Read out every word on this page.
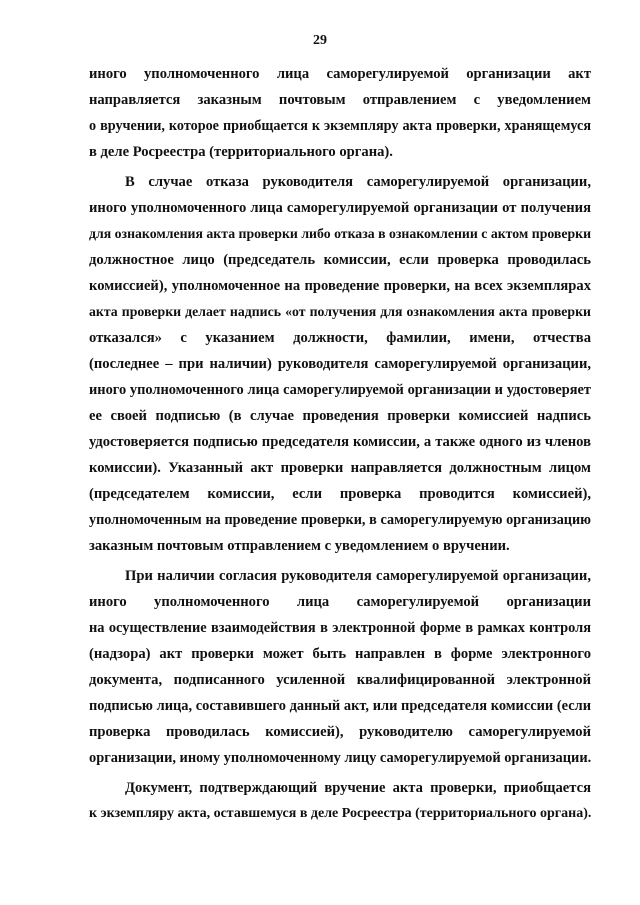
29
иного уполномоченного лица саморегулируемой организации акт
направляется заказным почтовым отправлением с уведомлением
о вручении, которое приобщается к экземпляру акта проверки, хранящемуся
в деле Росреестра (территориального органа).
В случае отказа руководителя саморегулируемой организации,
иного уполномоченного лица саморегулируемой организации от получения
для ознакомления акта проверки либо отказа в ознакомлении с актом проверки
должностное лицо (председатель комиссии, если проверка проводилась
комиссией), уполномоченное на проведение проверки, на всех экземплярах
акта проверки делает надпись «от получения для ознакомления акта проверки
отказался» с указанием должности, фамилии, имени, отчества
(последнее – при наличии) руководителя саморегулируемой организации,
иного уполномоченного лица саморегулируемой организации и удостоверяет
ее своей подписью (в случае проведения проверки комиссией надпись
удостоверяется подписью председателя комиссии, а также одного из членов
комиссии). Указанный акт проверки направляется должностным лицом
(председателем комиссии, если проверка проводится комиссией),
уполномоченным на проведение проверки, в саморегулируемую организацию
заказным почтовым отправлением с уведомлением о вручении.
При наличии согласия руководителя саморегулируемой организации,
иного уполномоченного лица саморегулируемой организации
на осуществление взаимодействия в электронной форме в рамках контроля
(надзора) акт проверки может быть направлен в форме электронного
документа, подписанного усиленной квалифицированной электронной
подписью лица, составившего данный акт, или председателя комиссии (если
проверка проводилась комиссией), руководителю саморегулируемой
организации, иному уполномоченному лицу саморегулируемой организации.
Документ, подтверждающий вручение акта проверки, приобщается
к экземпляру акта, оставшемуся в деле Росреестра (территориального органа).
